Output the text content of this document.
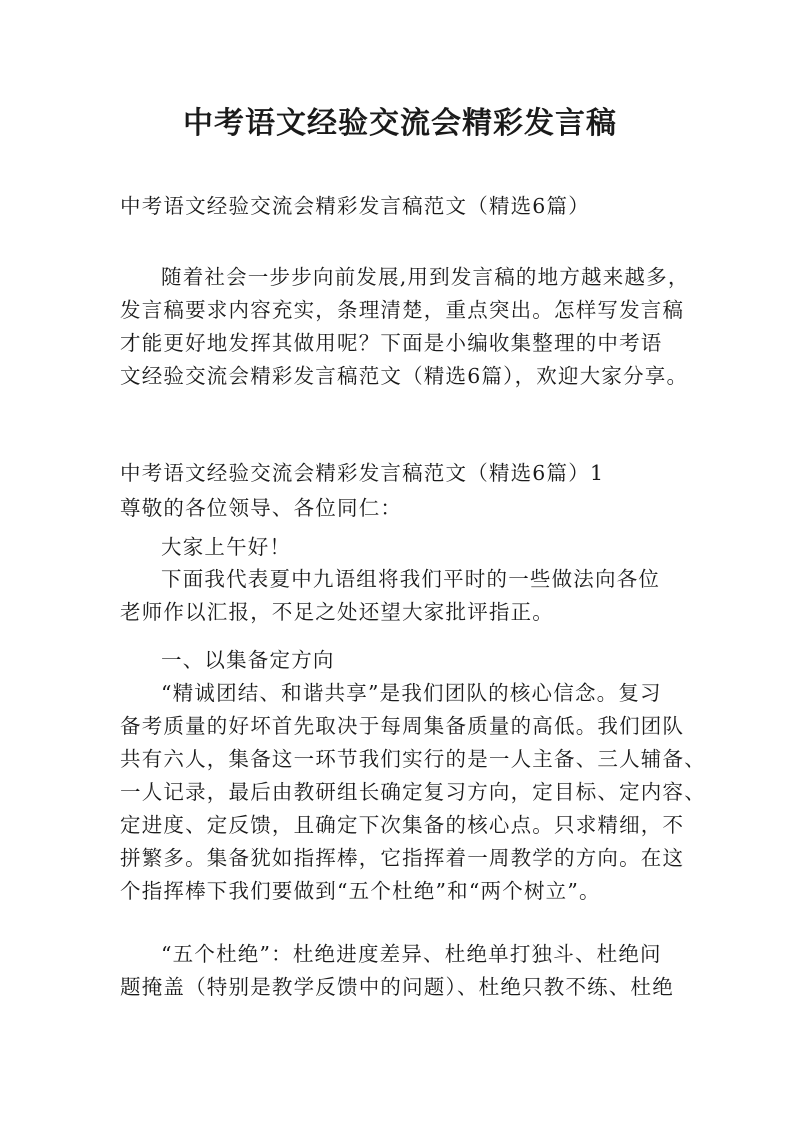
中考语文经验交流会精彩发言稿
中考语文经验交流会精彩发言稿范文（精选6篇）
随着社会一步步向前发展,用到发言稿的地方越来越多，
发言稿要求内容充实，条理清楚，重点突出。怎样写发言稿
才能更好地发挥其做用呢？下面是小编收集整理的中考语
文经验交流会精彩发言稿范文（精选6篇），欢迎大家分享。
中考语文经验交流会精彩发言稿范文（精选6篇）1
尊敬的各位领导、各位同仁：
大家上午好！
下面我代表夏中九语组将我们平时的一些做法向各位
老师作以汇报，不足之处还望大家批评指正。
一、以集备定方向
“精诚团结、和谐共享”是我们团队的核心信念。复习
备考质量的好坏首先取决于每周集备质量的高低。我们团队
共有六人，集备这一环节我们实行的是一人主备、三人辅备、
一人记录，最后由教研组长确定复习方向，定目标、定内容、
定进度、定反馈，且确定下次集备的核心点。只求精细，不
拼繁多。集备犹如指挥棒，它指挥着一周教学的方向。在这
个指挥棒下我们要做到“五个杜绝”和“两个树立”。
“五个杜绝”：杜绝进度差异、杜绝单打独斗、杜绝问
题掩盖（特别是教学反馈中的问题）、杜绝只教不练、杜绝
